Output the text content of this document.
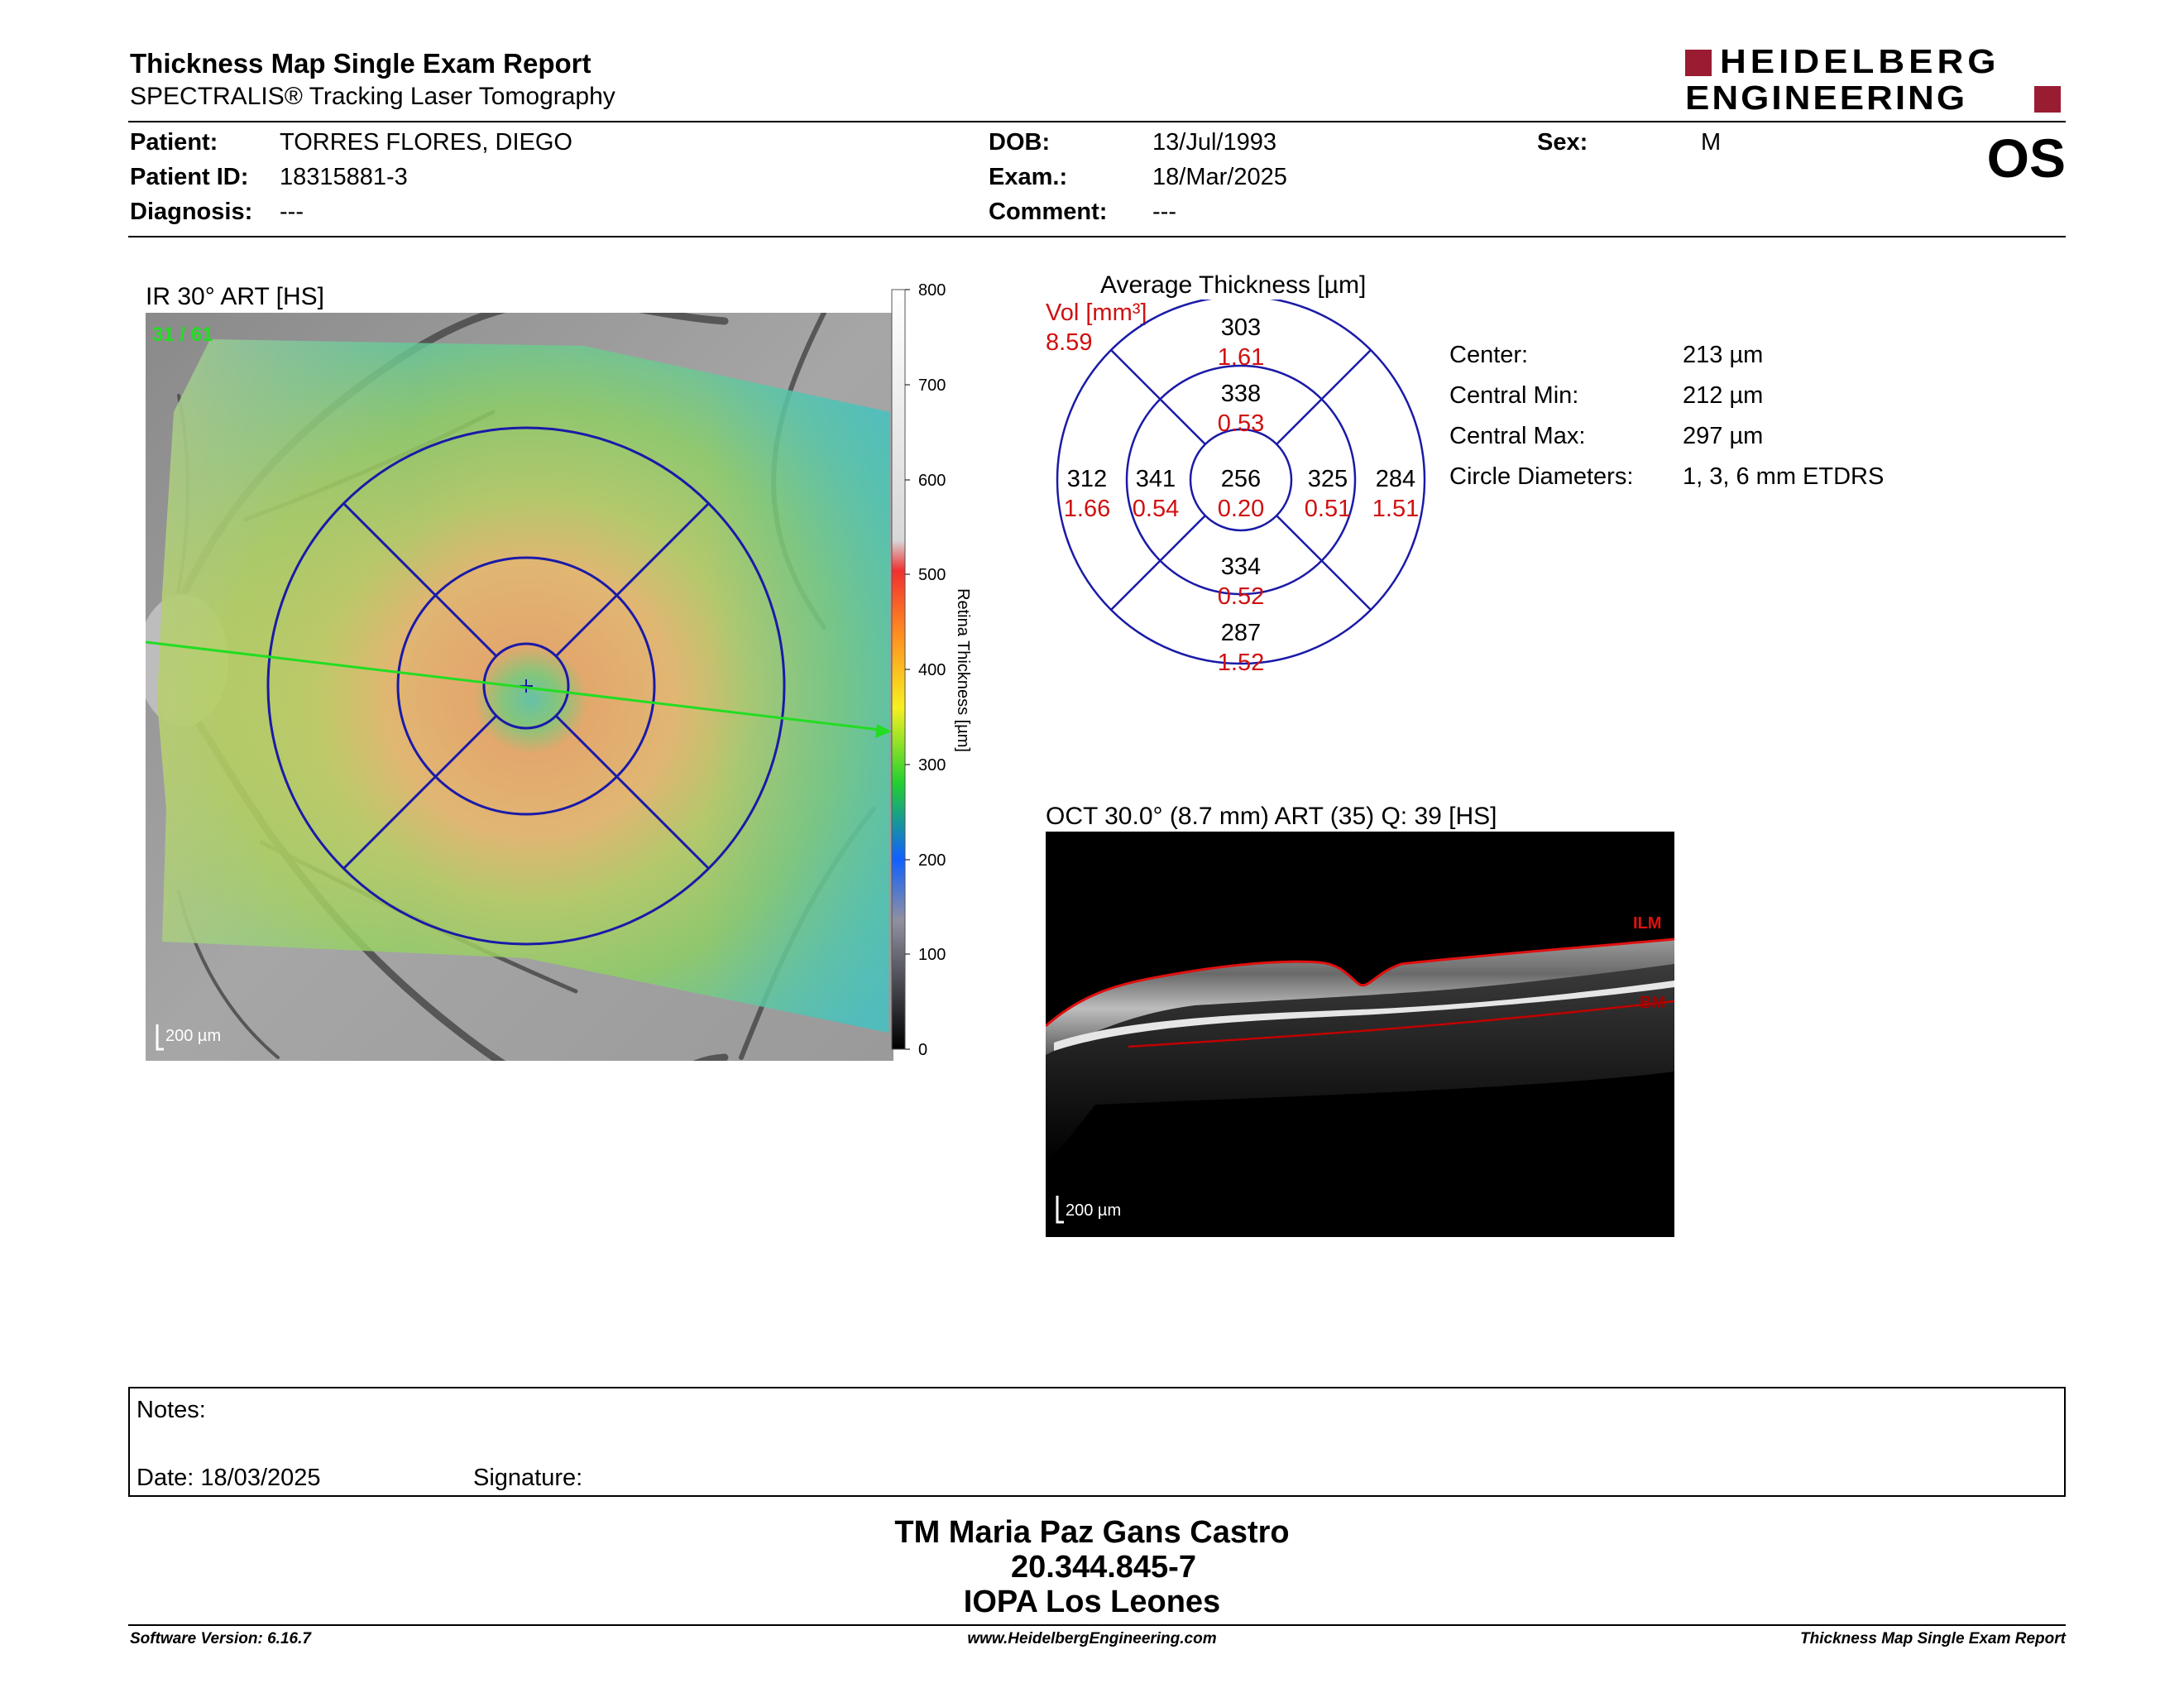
Thickness Map Single Exam Report
SPECTRALIS® Tracking Laser Tomography
HEIDELBERG
ENGINEERING
Patient:	TORRES FLORES, DIEGO
Patient ID: 18315881-3
Diagnosis: ---
DOB:	13/Jul/1993
Exam.:	18/Mar/2025
Comment: ---
Sex:	M	OS
IR 30° ART [HS]
31 / 61
200 µm
800
700
600
500
400
300
200
100
0
Retina Thickness [µm]
Average Thickness [µm]
Vol [mm³]
8.59
303
1.61
338
0.53
312
1.66
341
0.54
256
0.20
325
0.51
284
1.51
334
0.52
287
1.52
Center:	213 µm
Central Min:	212 µm
Central Max:	297 µm
Circle Diameters: 1, 3, 6 mm ETDRS
OCT 30.0° (8.7 mm) ART (35) Q: 39 [HS]
ILM
BM
200 µm
Notes:
Date: 18/03/2025	Signature:
TM Maria Paz Gans Castro
20.344.845-7
IOPA Los Leones
Software Version: 6.16.7	www.HeidelbergEngineering.com	Thickness Map Single Exam Report
